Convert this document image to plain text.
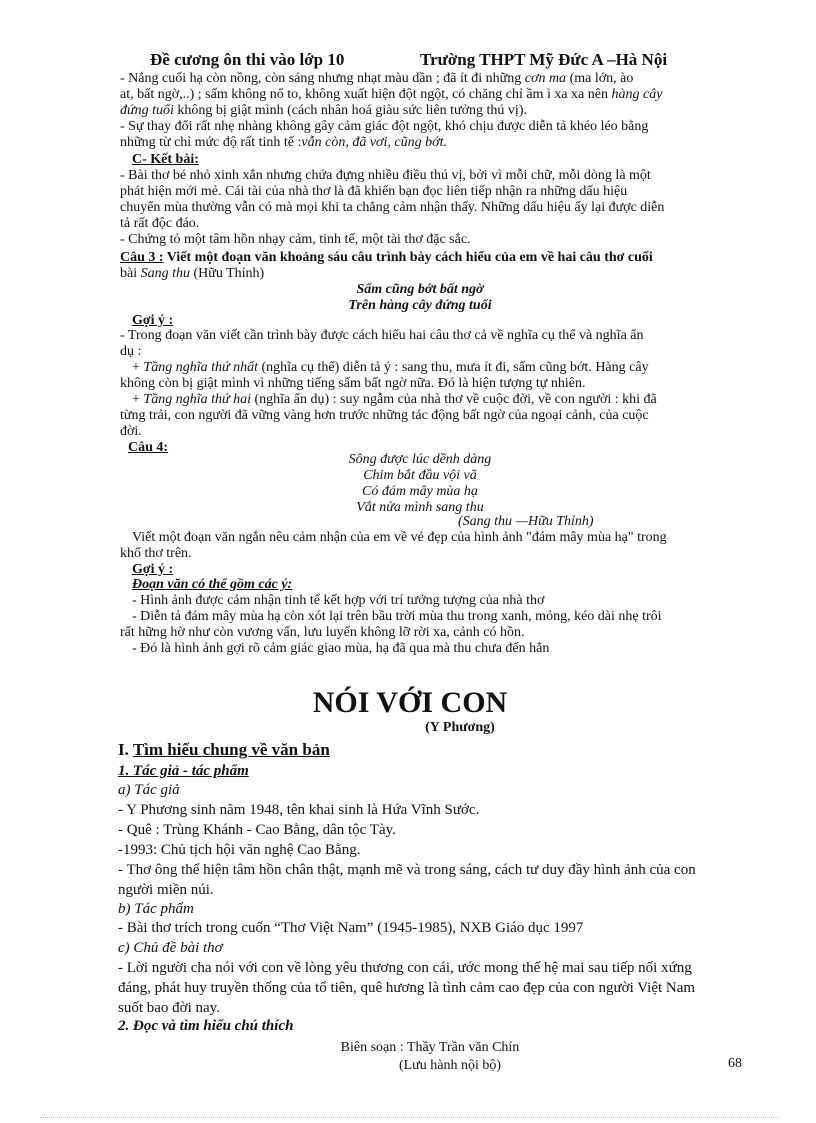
Đề cương ôn thi vào lớp 10	Trường THPT Mỹ Đức A –Hà Nội
- Nắng cuối hạ còn nồng, còn sáng nhưng nhạt màu dần ; đã ít đi những cơn ma (ma lớn, ào
at, bất ngờ,..) ; sấm không nổ to, không xuất hiện đột ngột, có chăng chỉ ầm ì xa xa nên hàng cây
đứng tuổi không bị giật mình (cách nhân hoá giàu sức liên tưởng thú vị).
- Sự thay đổi rất nhẹ nhàng không gây cảm giác đột ngột, khó chịu được diễn tả khéo léo bằng
những từ chỉ mức độ rất tinh tế :vẫn còn, đã vơi, cũng bớt.
C- Kết bài:
- Bài thơ bé nhỏ xinh xắn nhưng chứa đựng nhiều điều thú vị, bởi vì mỗi chữ, mỗi dòng là một
phát hiện mới mẻ. Cái tài của nhà thơ là đã khiến bạn đọc liên tiếp nhận ra những dấu hiệu
chuyển mùa thường vẫn có mà mọi khi ta chẳng cảm nhận thấy. Những dấu hiệu ấy lại được diễn
tả rất độc đáo.
- Chứng tỏ một tâm hồn nhạy cảm, tinh tế, một tài thơ đặc sắc.
Câu 3 : Viết một đoạn văn khoảng sáu câu trình bày cách hiểu của em về hai câu thơ cuối
bài Sang thu (Hữu Thỉnh)
Sấm cũng bớt bất ngờ
Trên hàng cây đứng tuổi
Gợi ý :
- Trong đoạn văn viết cần trình bày được cách hiểu hai câu thơ cả về nghĩa cụ thể và nghĩa ẩn
dụ :
+ Tầng nghĩa thứ nhất (nghĩa cụ thể) diễn tả ý : sang thu, mưa ít đi, sấm cũng bớt. Hàng cây
không còn bị giật mình vì những tiếng sấm bất ngờ nữa. Đó là hiện tượng tự nhiên.
+ Tầng nghĩa thứ hai (nghĩa ẩn dụ) : suy ngẫm của nhà thơ về cuộc đời, về con người : khi đã
từng trải, con người đã vững vàng hơn trước những tác động bất ngờ của ngoại cảnh, của cuộc
đời.
Câu 4:
Sông được lúc dềnh dàng
Chim bắt đầu vội vã
Có đám mây mùa hạ
Vắt nửa mình sang thu
(Sang thu —Hữu Thỉnh)
Viết một đoạn văn ngắn nêu cảm nhận của em về vẻ đẹp của hình ảnh "đám mây mùa hạ" trong
khổ thơ trên.
Gợi ý :
Đoạn văn có thể gồm các ý:
- Hình ảnh được cảm nhận tinh tế kết hợp với trí tưởng tượng của nhà thơ
- Diễn tả đám mây mùa hạ còn xót lại trên bầu trời mùa thu trong xanh, mỏng, kéo dài nhẹ trôi
rất hững hờ như còn vương vấn, lưu luyến không lỡ rời xa, cảnh có hồn.
- Đó là hình ảnh gợi rõ cảm giác giao mùa, hạ đã qua mà thu chưa đến hẳn
NÓI VỚI CON
(Y Phương)
I. Tìm hiểu chung về văn bản
1. Tác giả - tác phẩm
a) Tác giả
- Y Phương sinh năm 1948, tên khai sinh là Hứa Vĩnh Sước.
- Quê : Trùng Khánh - Cao Bằng, dân tộc Tày.
-1993: Chủ tịch hội văn nghệ Cao Bằng.
- Thơ ông thể hiện tâm hồn chân thật, mạnh mẽ và trong sáng, cách tư duy đầy hình ảnh của con
người miền núi.
b) Tác phẩm
- Bài thơ trích trong cuốn “Thơ Việt Nam” (1945-1985), NXB Giáo dục 1997
c) Chủ đề bài thơ
- Lời người cha nói với con về lòng yêu thương con cái, ước mong thế hệ mai sau tiếp nối xứng
đáng, phát huy truyền thống của tổ tiên, quê hương là tình cảm cao đẹp của con người Việt Nam
suốt bao đời nay.
2. Đọc và tìm hiểu chú thích
Biên soạn : Thầy Trần văn Chín
(Lưu hành nội bộ)	68
